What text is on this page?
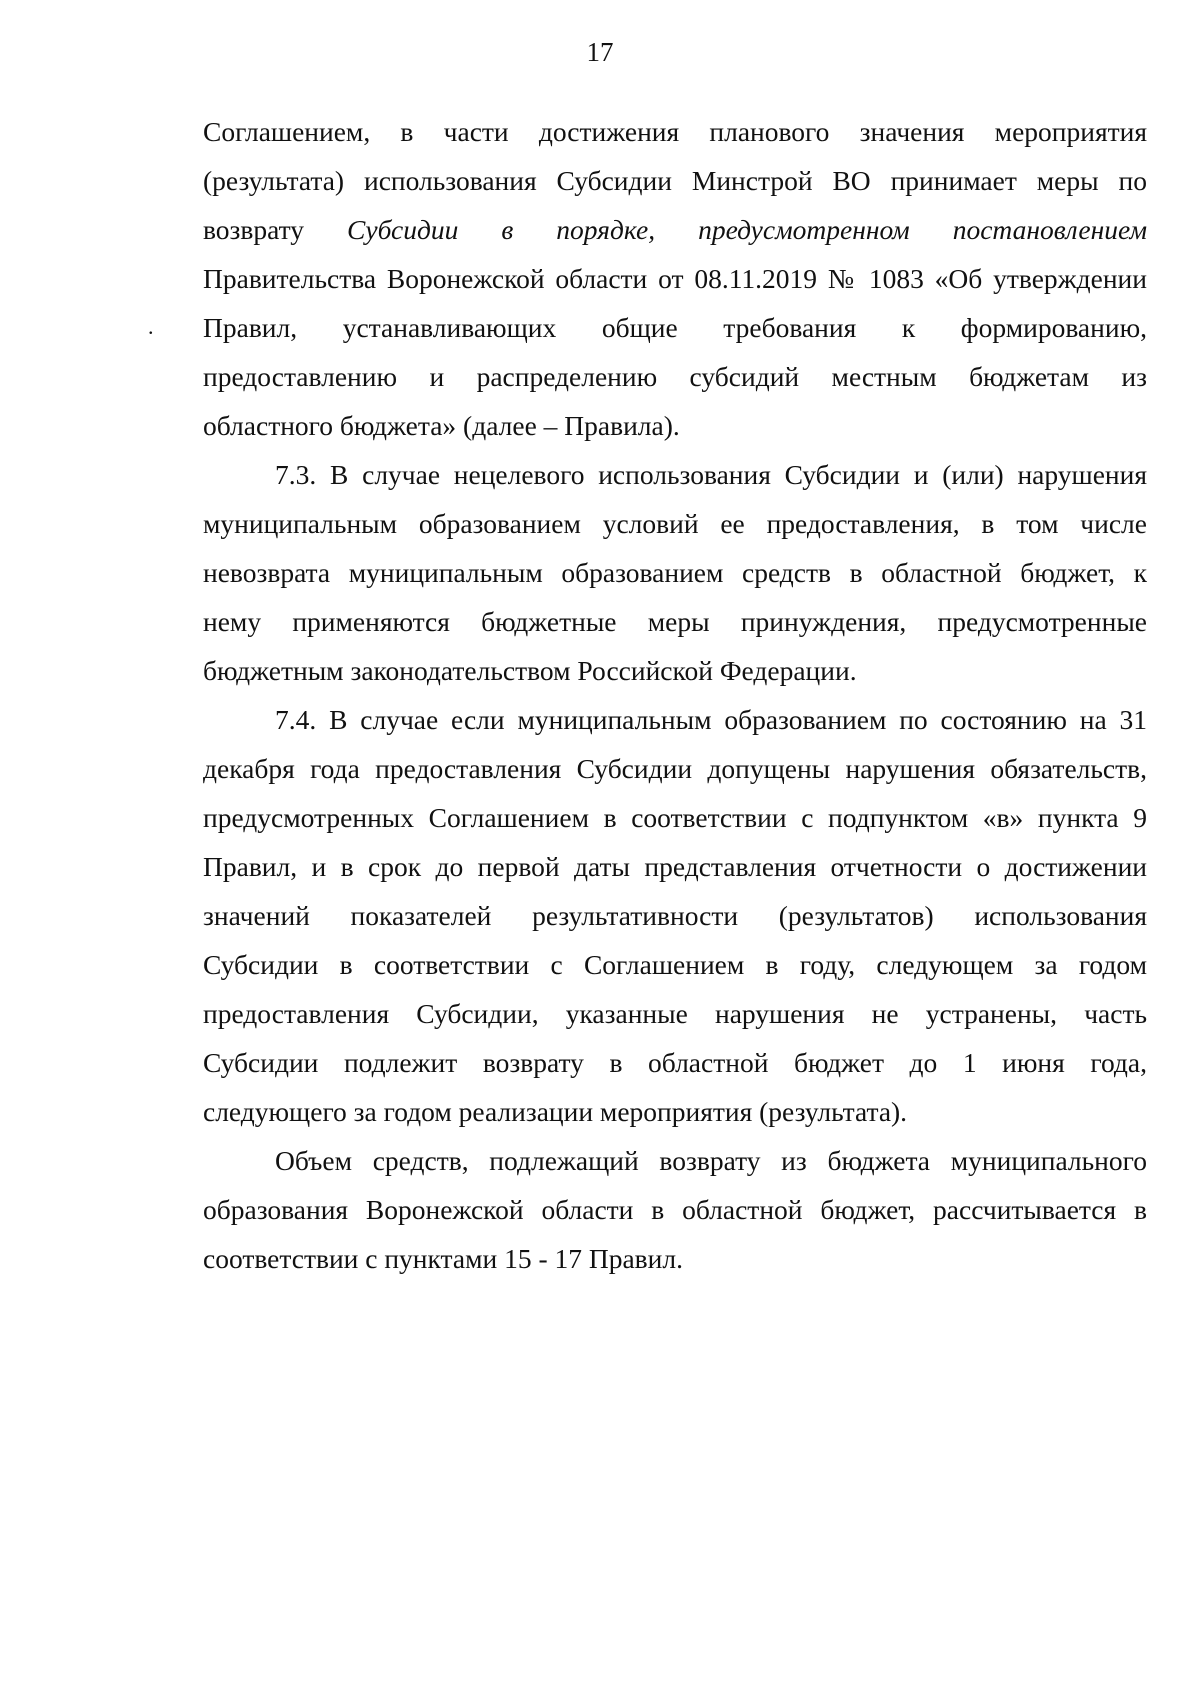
17
.
Соглашением, в части достижения планового значения мероприятия
(результата) использования Субсидии Минстрой ВО принимает меры по
возврату Субсидии в порядке, предусмотренном постановлением
Правительства Воронежской области от 08.11.2019 № 1083 «Об утверждении
Правил, устанавливающих общие требования к формированию,
предоставлению и распределению субсидий местным бюджетам из
областного бюджета» (далее – Правила).
7.3. В случае нецелевого использования Субсидии и (или) нарушения
муниципальным образованием условий ее предоставления, в том числе
невозврата муниципальным образованием средств в областной бюджет, к
нему применяются бюджетные меры принуждения, предусмотренные
бюджетным законодательством Российской Федерации.
7.4. В случае если муниципальным образованием по состоянию на 31
декабря года предоставления Субсидии допущены нарушения обязательств,
предусмотренных Соглашением в соответствии с подпунктом «в» пункта 9
Правил, и в срок до первой даты представления отчетности о достижении
значений показателей результативности (результатов) использования
Субсидии в соответствии с Соглашением в году, следующем за годом
предоставления Субсидии, указанные нарушения не устранены, часть
Субсидии подлежит возврату в областной бюджет до 1 июня года,
следующего за годом реализации мероприятия (результата).
Объем средств, подлежащий возврату из бюджета муниципального
образования Воронежской области в областной бюджет, рассчитывается в
соответствии с пунктами 15 - 17 Правил.
